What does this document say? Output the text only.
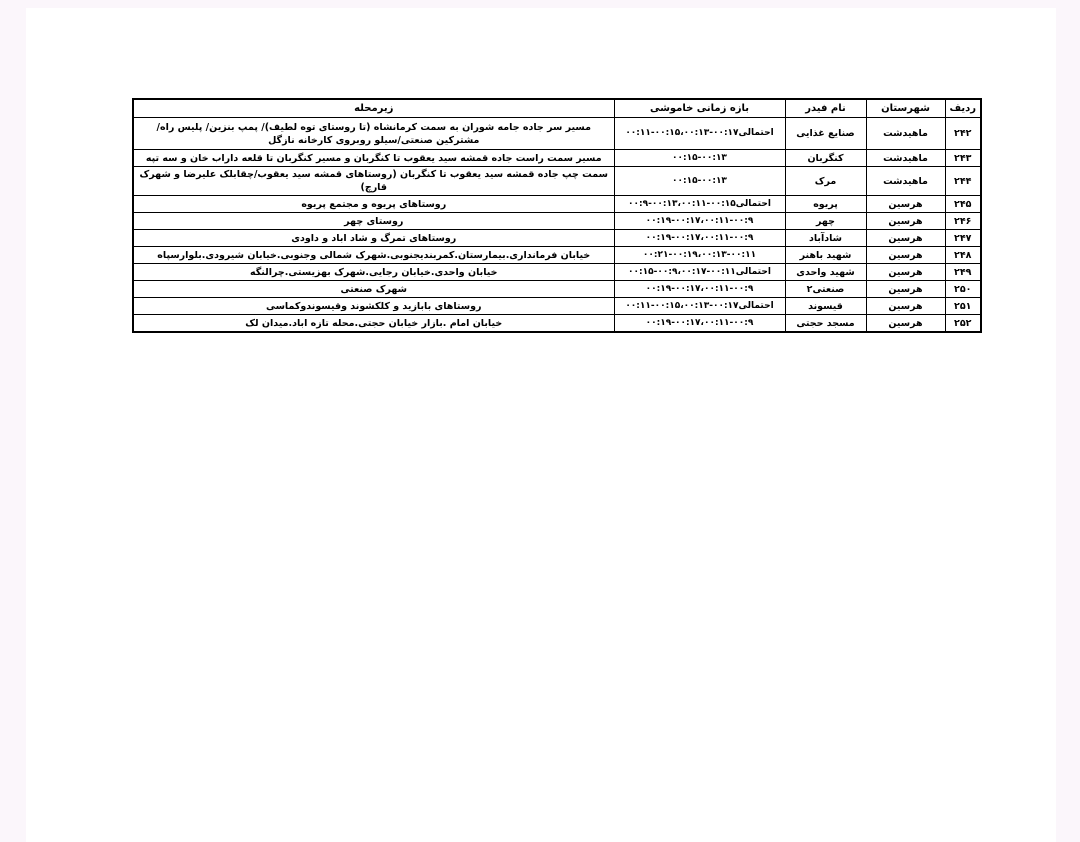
ردیف	شهرستان	نام فیدر	بازه زمانی خاموشی	زیرمحله
۲۴۲	ماهیدشت	صنایع غذایی	احتمالی۰۰:۱۷-۰۰:۱۵،۰۰:۱۳-۰۰:۱۱	مسیر سر جاده جامه شوران به سمت کرمانشاه (تا روستای توه لطیف)/ پمپ بنزین/ پلیس راه/مشترکین صنعتی/سیلو روبروی کارخانه نازگل
۲۴۳	ماهیدشت	کنگربان	۰۰:۱۵-۰۰:۱۳	مسیر سمت راست جاده قمشه سید یعقوب تا کنگربان و مسیر کنگربان تا قلعه داراب خان و سه تپه
۲۴۴	ماهیدشت	مرک	۰۰:۱۵-۰۰:۱۳	سمت چپ جاده قمشه سید یعقوب تا کنگربان (روستاهای قمشه سید یعقوب/چقابلک علیرضا و شهرک قارچ)
۲۴۵	هرسین	پریوه	احتمالی۰۰:۱۵-۰۰:۱۳،۰۰:۱۱-۰۰:۹	روستاهای پریوه و مجتمع پریوه
۲۴۶	هرسین	چهر	۰۰:۱۹-۰۰:۱۷،۰۰:۱۱-۰۰:۹	روستای چهر
۲۴۷	هرسین	شادآباد	۰۰:۱۹-۰۰:۱۷،۰۰:۱۱-۰۰:۹	روستاهای تمرگ و شاد اباد و داودی
۲۴۸	هرسین	شهید باهنر	۰۰:۲۱-۰۰:۱۹،۰۰:۱۳-۰۰:۱۱	خیابان فرمانداری.بیمارستان.کمربندیجنوبی.شهرک شمالی وجنوبی.خیابان شیرودی.بلوارسپاه
۲۴۹	هرسین	شهید واحدی	احتمالی۰۰:۱۱-۰۰:۹،۰۰:۱۷-۰۰:۱۵	خیابان واحدی.خیابان رجایی.شهرک بهزیستی.چرالنگه
۲۵۰	هرسین	صنعتی۲	۰۰:۱۹-۰۰:۱۷،۰۰:۱۱-۰۰:۹	شهرک صنعتی
۲۵۱	هرسین	قیسوند	احتمالی۰۰:۱۷-۰۰:۱۵،۰۰:۱۳-۰۰:۱۱	روستاهای بابازید و کلکشوند وقیسوندوکماسی
۲۵۲	هرسین	مسجد حجتی	۰۰:۱۹-۰۰:۱۷،۰۰:۱۱-۰۰:۹	خیابان امام .بازار خیابان حجتی.محله تازه اباد.میدان لک
